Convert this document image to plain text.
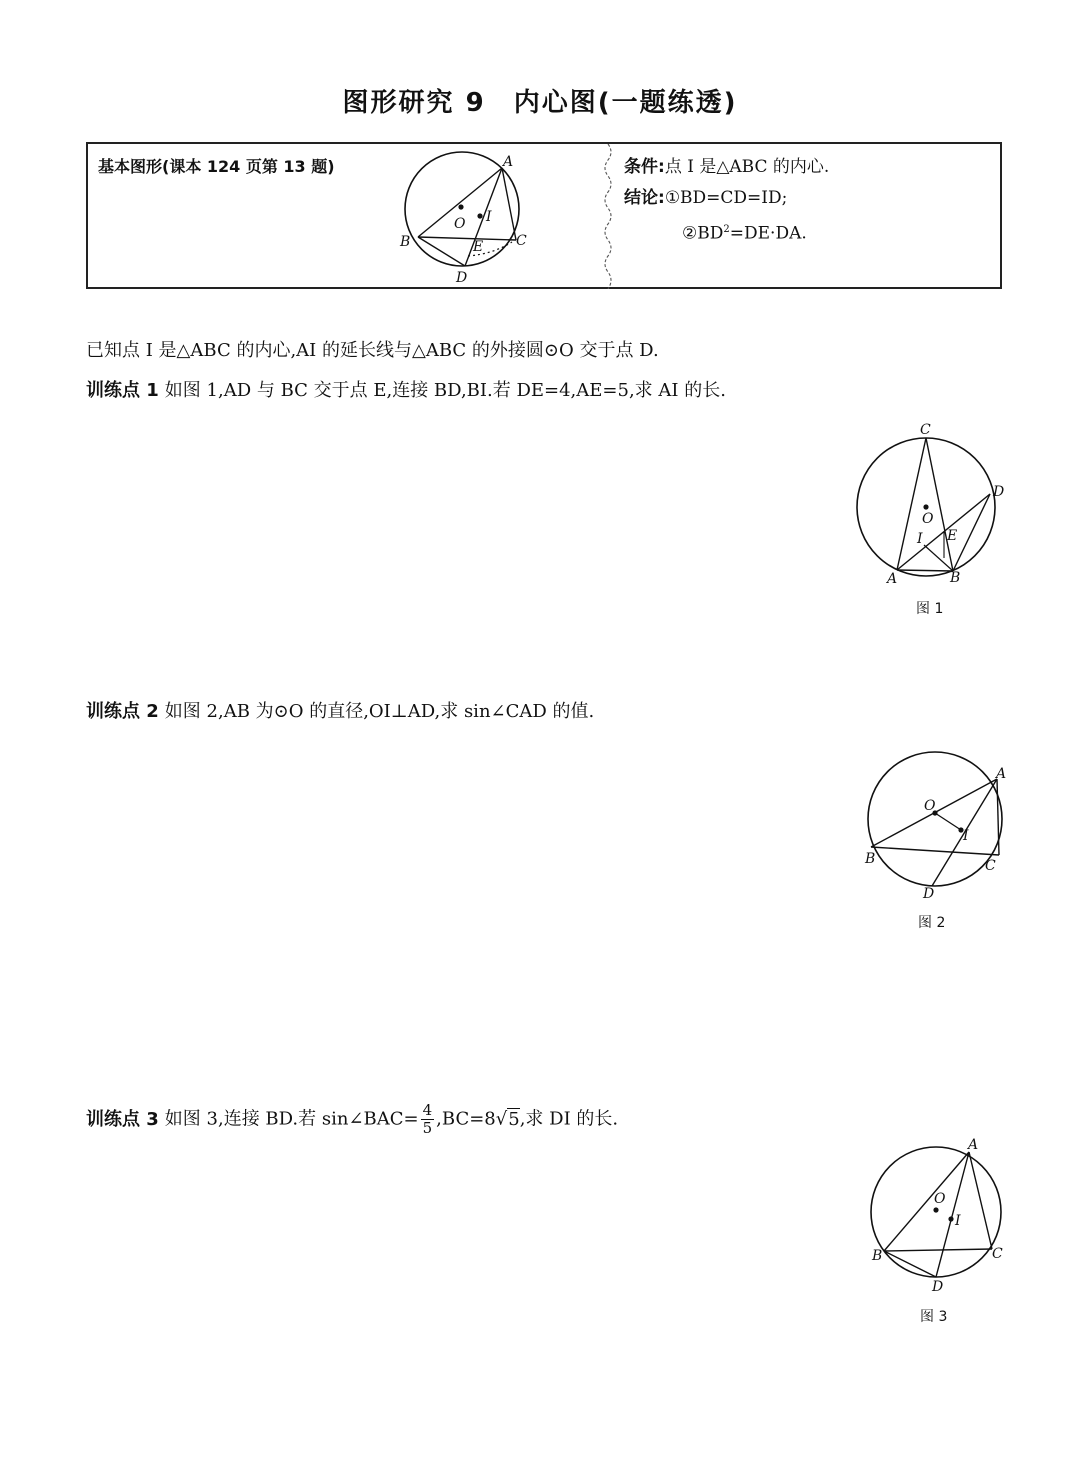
图形研究 9 内心图(一题练透)
基本图形(课本 124 页第 13 题)	A
B	C
D
E
O I
条件:点 I 是△ABC 的内心.
结论:①BD=CD=ID;
$②BD^2=DE\cdot DA$.
已知点 I 是△ABC 的内心,AI 的延长线与△ABC 的外接圆⊙O 交于点 D.
训练点 1 如图 1,AD 与 BC 交于点 E,连接 BD,BI.若 DE=4,AE=5,求 AI 的长.
C
D
O
I E
A	B
图 1
训练点 2 如图 2,AB 为⊙O 的直径,OI⊥AD,求 sin∠CAD 的值.
A
O
I
B	C
D
图 2
训练点 3 如图 3,连接 BD.若 sin∠BAC= $\frac{4}{5} ,BC=8√5$,求 DI 的长.
A
O
I
B	C
D
图 3
